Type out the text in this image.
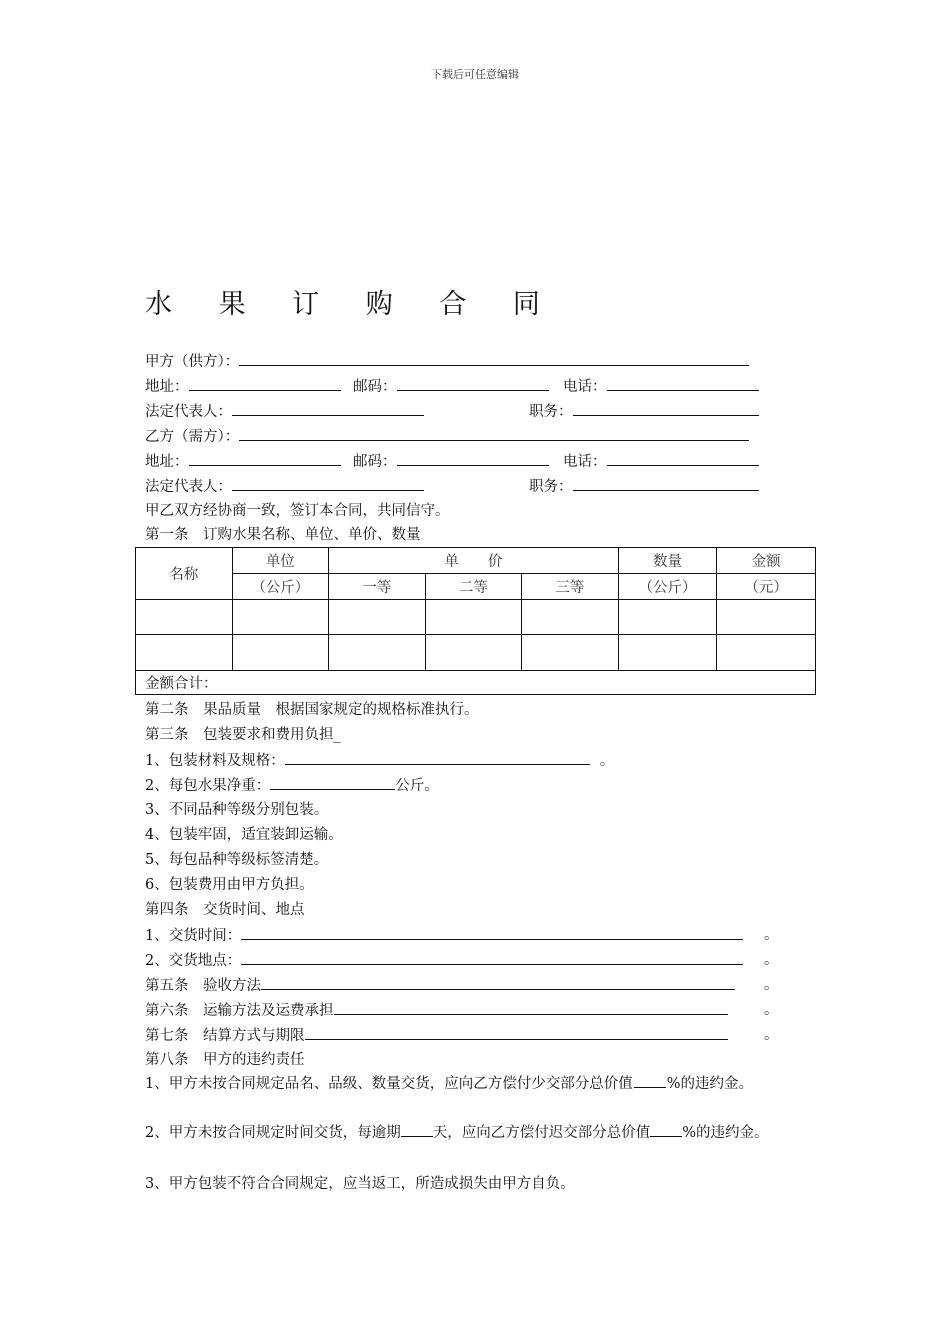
下载后可任意编辑
水 果 订 购 合 同
甲方（供方）：
地址：	邮码：	电话：
法定代表人：	职务：
乙方（需方）：
地址：	邮码：	电话：
法定代表人：	职务：
甲乙双方经协商一致，签订本合同，共同信守。
第一条　订购水果名称、单位、单价、数量
名称	单位	单　　价			数量	金额
	（公斤）	一等	二等	三等	（公斤）	（元）

金额合计：						
第二条　果品质量　根据国家规定的规格标准执行。
第三条　包装要求和费用负担_
1、包装材料及规格：	。
2、每包水果净重：	公斤。
3、不同品种等级分别包装。
4、包装牢固，适宜装卸运输。
5、每包品种等级标签清楚。
6、包装费用由甲方负担。
第四条　交货时间、地点
1、交货时间：	。
2、交货地点：	。
第五条　验收方法	。
第六条　运输方法及运费承担	。
第七条　结算方式与期限	。
第八条　甲方的违约责任
1、甲方未按合同规定品名、品级、数量交货，应向乙方偿付少交部分总价值 %的违约金。
2、甲方未按合同规定时间交货，每逾期 天，应向乙方偿付迟交部分总价值 %的违约金。
3、甲方包装不符合合同规定，应当返工，所造成损失由甲方自负。
